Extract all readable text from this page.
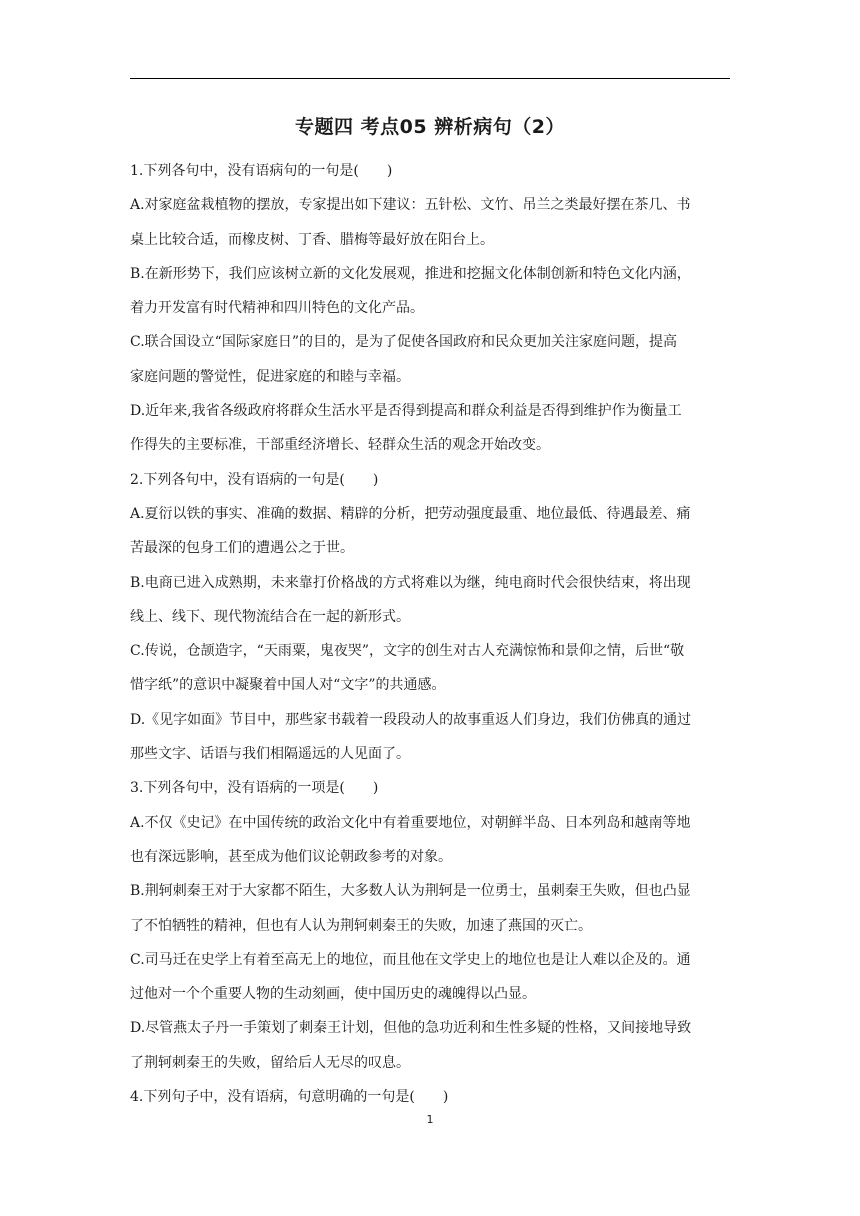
专题四 考点05 辨析病句（2）

1.下列各句中，没有语病句的一句是(　　)
A.对家庭盆栽植物的摆放，专家提出如下建议：五针松、文竹、吊兰之类最好摆在茶几、书
桌上比较合适，而橡皮树、丁香、腊梅等最好放在阳台上。
B.在新形势下，我们应该树立新的文化发展观，推进和挖掘文化体制创新和特色文化内涵，
着力开发富有时代精神和四川特色的文化产品。
C.联合国设立“国际家庭日”的目的，是为了促使各国政府和民众更加关注家庭问题，提高
家庭问题的警觉性，促进家庭的和睦与幸福。
D.近年来,我省各级政府将群众生活水平是否得到提高和群众利益是否得到维护作为衡量工
作得失的主要标准，干部重经济增长、轻群众生活的观念开始改变。
2.下列各句中，没有语病的一句是(　　)
A.夏衍以铁的事实、准确的数据、精辟的分析，把劳动强度最重、地位最低、待遇最差、痛
苦最深的包身工们的遭遇公之于世。
B.电商已进入成熟期，未来靠打价格战的方式将难以为继，纯电商时代会很快结束，将出现
线上、线下、现代物流结合在一起的新形式。
C.传说，仓颉造字，“天雨粟，鬼夜哭”，文字的创生对古人充满惊怖和景仰之情，后世“敬
惜字纸”的意识中凝聚着中国人对“文字”的共通感。
D.《见字如面》节目中，那些家书载着一段段动人的故事重返人们身边，我们仿佛真的通过
那些文字、话语与我们相隔遥远的人见面了。
3.下列各句中，没有语病的一项是(　　)
A.不仅《史记》在中国传统的政治文化中有着重要地位，对朝鲜半岛、日本列岛和越南等地
也有深远影响，甚至成为他们议论朝政参考的对象。
B.荆轲刺秦王对于大家都不陌生，大多数人认为荆轲是一位勇士，虽刺秦王失败，但也凸显
了不怕牺牲的精神，但也有人认为荆轲刺秦王的失败，加速了燕国的灭亡。
C.司马迁在史学上有着至高无上的地位，而且他在文学史上的地位也是让人难以企及的。通
过他对一个个重要人物的生动刻画，使中国历史的魂魄得以凸显。
D.尽管燕太子丹一手策划了刺秦王计划，但他的急功近利和生性多疑的性格，又间接地导致
了荆轲刺秦王的失败，留给后人无尽的叹息。
4.下列句子中，没有语病，句意明确的一句是(　　)

1
